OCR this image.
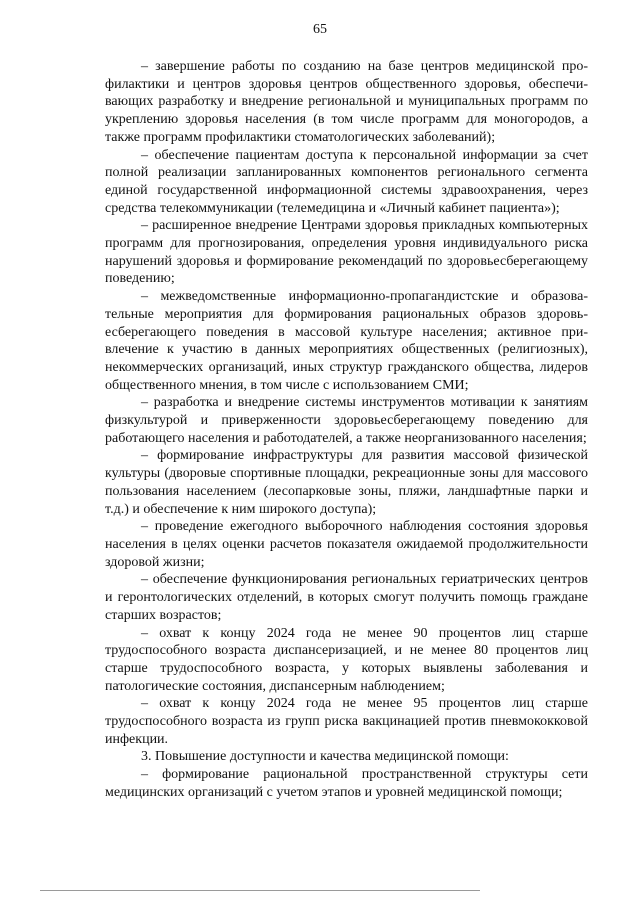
65

– завершение работы по созданию на базе центров медицинской профилактики и центров здоровья центров общественного здоровья, обеспечивающих разработку и внедрение региональной и муниципальных программ по укреплению здоровья населения (в том числе программ для моногородов, а также программ профилактики стоматологических заболеваний);

– обеспечение пациентам доступа к персональной информации за счет полной реализации запланированных компонентов регионального сегмента единой государственной информационной системы здравоохранения, через средства телекоммуникации (телемедицина и «Личный кабинет пациента»);

– расширенное внедрение Центрами здоровья прикладных компьютерных программ для прогнозирования, определения уровня индивидуального риска нарушений здоровья и формирование рекомендаций по здоровьесберегающему поведению;

– межведомственные информационно-пропагандистские и образовательные мероприятия для формирования рациональных образов здоровьесберегающего поведения в массовой культуре населения; активное привлечение к участию в данных мероприятиях общественных (религиозных), некоммерческих организаций, иных структур гражданского общества, лидеров общественного мнения, в том числе с использованием СМИ;

– разработка и внедрение системы инструментов мотивации к занятиям физкультурой и приверженности здоровьесберегающему поведению для работающего населения и работодателей, а также неорганизованного населения;

– формирование инфраструктуры для развития массовой физической культуры (дворовые спортивные площадки, рекреационные зоны для массового пользования населением (лесопарковые зоны, пляжи, ландшафтные парки и т.д.) и обеспечение к ним широкого доступа);

– проведение ежегодного выборочного наблюдения состояния здоровья населения в целях оценки расчетов показателя ожидаемой продолжительности здоровой жизни;

– обеспечение функционирования региональных гериатрических центров и геронтологических отделений, в которых смогут получить помощь граждане старших возрастов;

– охват к концу 2024 года не менее 90 процентов лиц старше трудоспособного возраста диспансеризацией, и не менее 80 процентов лиц старше трудоспособного возраста, у которых выявлены заболевания и патологические состояния, диспансерным наблюдением;

– охват к концу 2024 года не менее 95 процентов лиц старше трудоспособного возраста из групп риска вакцинацией против пневмококковой инфекции.

3. Повышение доступности и качества медицинской помощи:

– формирование рациональной пространственной структуры сети медицинских организаций с учетом этапов и уровней медицинской помощи;
